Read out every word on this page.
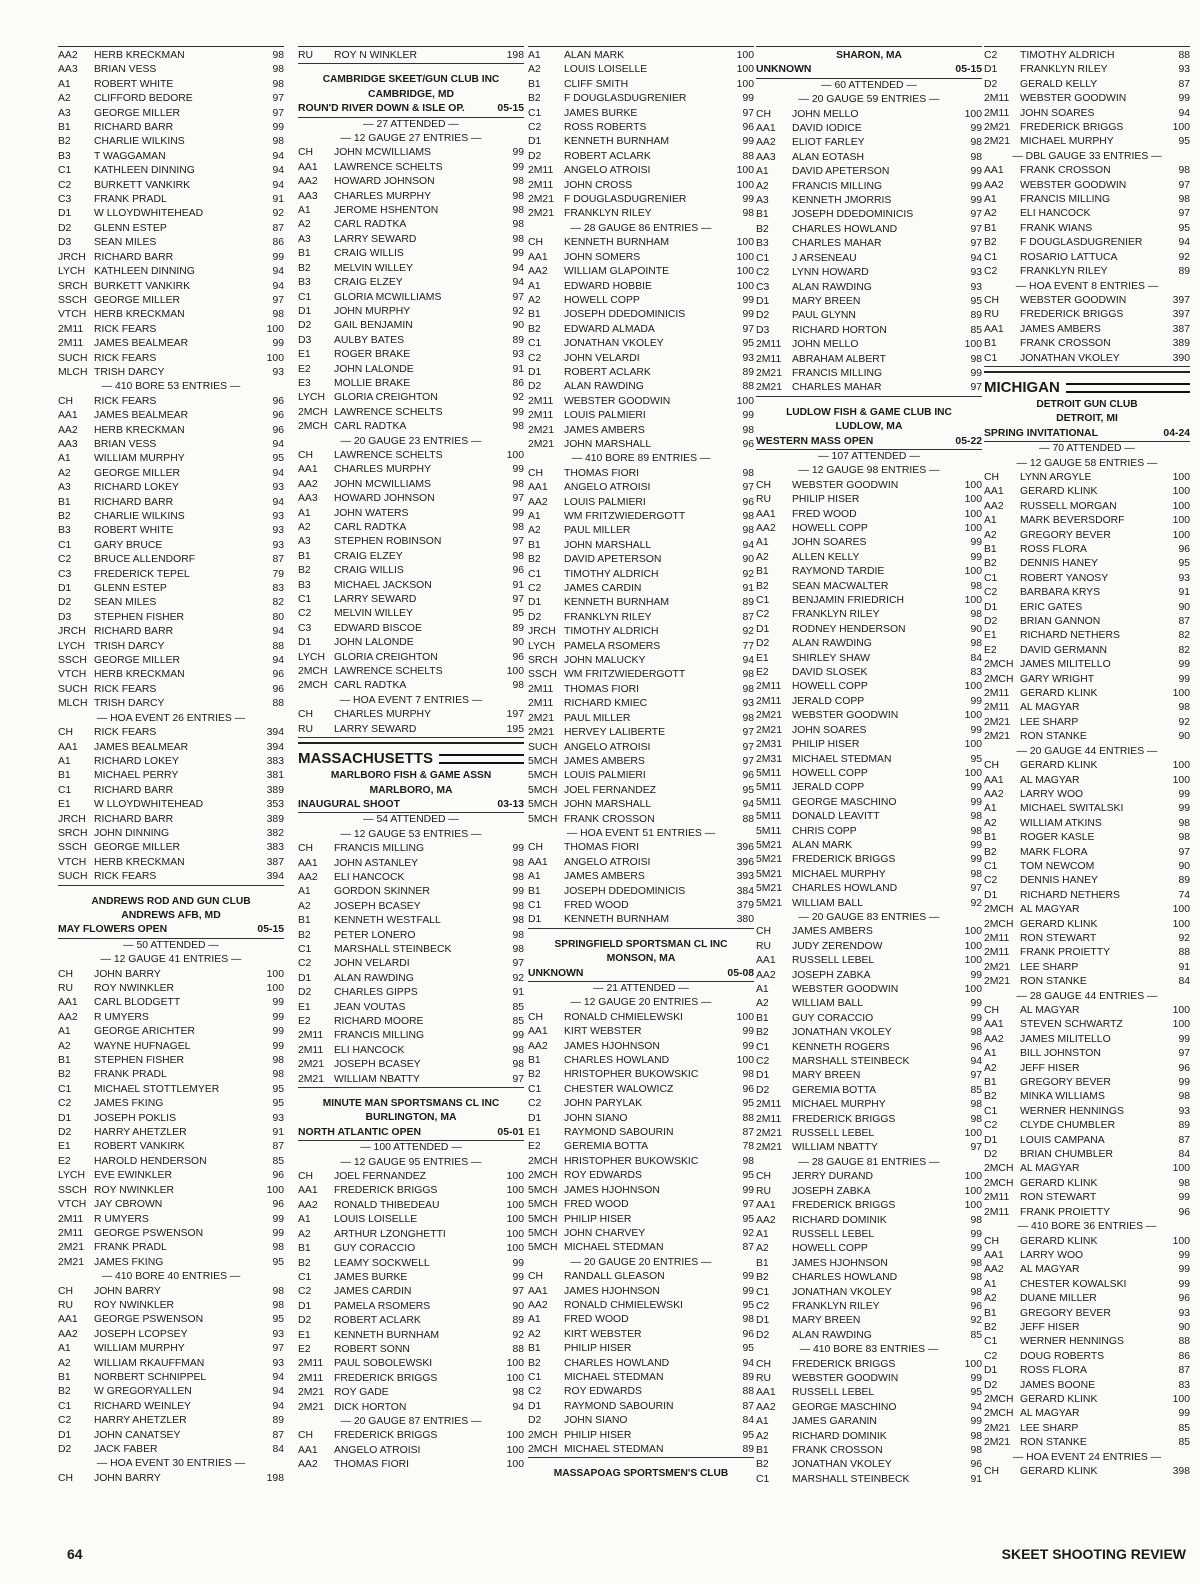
AA2	HERB KRECKMAN	98
AA3	BRIAN VESS	98
A1	ROBERT WHITE	98
A2	CLIFFORD BEDORE	97
A3	GEORGE MILLER	97
B1	RICHARD BARR	99
B2	CHARLIE WILKINS	98
B3	T WAGGAMAN	94
C1	KATHLEEN DINNING	94
C2	BURKETT VANKIRK	94
C3	FRANK PRADL	91
D1	W LLOYDWHITEHEAD	92
D2	GLENN ESTEP	87
D3	SEAN MILES	86
JRCH RICHARD BARR	99
LYCH KATHLEEN DINNING	94
SRCH BURKETT VANKIRK	94
SSCH GEORGE MILLER	97
VTCH HERB KRECKMAN	98
2M11	RICK FEARS	100
2M11	JAMES BEALMEAR	99
SUCH RICK FEARS	100
MLCH TRISH DARCY	93
— 410 BORE 53 ENTRIES —
CH	RICK FEARS	96
AA1	JAMES BEALMEAR	96
AA2	HERB KRECKMAN	96
AA3	BRIAN VESS	94
A1	WILLIAM MURPHY	95
A2	GEORGE MILLER	94
A3	RICHARD LOKEY	93
B1	RICHARD BARR	94
B2	CHARLIE WILKINS	93
B3	ROBERT WHITE	93
C1	GARY BRUCE	93
C2	BRUCE ALLENDORF	87
C3	FREDERICK TEPEL	79
D1	GLENN ESTEP	83
D2	SEAN MILES	82
D3	STEPHEN FISHER	80
JRCH RICHARD BARR	94
LYCH TRISH DARCY	88
SSCH GEORGE MILLER	94
VTCH HERB KRECKMAN	96
SUCH RICK FEARS	96
MLCH TRISH DARCY	88
— HOA EVENT 26 ENTRIES —
CH	RICK FEARS	394
AA1	JAMES BEALMEAR	394
A1	RICHARD LOKEY	383
B1	MICHAEL PERRY	381
C1	RICHARD BARR	389
E1	W LLOYDWHITEHEAD	353
JRCH RICHARD BARR	389
SRCH JOHN DINNING	382
SSCH GEORGE MILLER	383
VTCH HERB KRECKMAN	387
SUCH RICK FEARS	394
ANDREWS ROD AND GUN CLUB
ANDREWS AFB, MD
MAY FLOWERS OPEN	05-15
— 50 ATTENDED —
— 12 GAUGE 41 ENTRIES —
CH	JOHN BARRY	100
RU	ROY NWINKLER	100
AA1	CARL BLODGETT	99
AA2	R UMYERS	99
A1	GEORGE ARICHTER	99
A2	WAYNE HUFNAGEL	99
B1	STEPHEN FISHER	98
B2	FRANK PRADL	98
C1	MICHAEL STOTTLEMYER	95
C2	JAMES FKING	95
D1	JOSEPH POKLIS	93
D2	HARRY AHETZLER	91
E1	ROBERT VANKIRK	87
E2	HAROLD HENDERSON	85
LYCH EVE EWINKLER	96
SSCH ROY NWINKLER	100
VTCH JAY CBROWN	96
2M11	R UMYERS	99
2M11	GEORGE PSWENSON	99
2M21 FRANK PRADL	98
2M21 JAMES FKING	95
— 410 BORE 40 ENTRIES —
CH	JOHN BARRY	98
RU	ROY NWINKLER	98
AA1	GEORGE PSWENSON	95
AA2	JOSEPH LCOPSEY	93
A1	WILLIAM MURPHY	97
A2	WILLIAM RKAUFFMAN	93
B1	NORBERT SCHNIPPEL	94
B2	W GREGORYALLEN	94
C1	RICHARD WEINLEY	94
C2	HARRY AHETZLER	89
D1	JOHN CANATSEY	87
D2	JACK FABER	84
— HOA EVENT 30 ENTRIES —
CH	JOHN BARRY	198
RU	ROY N WINKLER	198
CAMBRIDGE SKEET/GUN CLUB INC
CAMBRIDGE, MD
ROUN'D RIVER DOWN & ISLE OP.	05-15
— 27 ATTENDED —
— 12 GAUGE 27 ENTRIES —
CH	JOHN MCWILLIAMS	99
AA1	LAWRENCE SCHELTS	99
AA2	HOWARD JOHNSON	98
AA3	CHARLES MURPHY	98
A1	JEROME HSHENTON	98
A2	CARL RADTKA	98
A3	LARRY SEWARD	98
B1	CRAIG WILLIS	99
B2	MELVIN WILLEY	94
B3	CRAIG ELZEY	94
C1	GLORIA MCWILLIAMS	97
D1	JOHN MURPHY	92
D2	GAIL BENJAMIN	90
D3	AULBY BATES	89
E1	ROGER BRAKE	93
E2	JOHN LALONDE	91
E3	MOLLIE BRAKE	86
LYCH GLORIA CREIGHTON	92
2MCH LAWRENCE SCHELTS	99
2MCH CARL RADTKA	98
— 20 GAUGE 23 ENTRIES —
CH	LAWRENCE SCHELTS	100
AA1	CHARLES MURPHY	99
AA2	JOHN MCWILLIAMS	98
AA3	HOWARD JOHNSON	97
A1	JOHN WATERS	99
A2	CARL RADTKA	98
A3	STEPHEN ROBINSON	97
B1	CRAIG ELZEY	98
B2	CRAIG WILLIS	96
B3	MICHAEL JACKSON	91
C1	LARRY SEWARD	97
C2	MELVIN WILLEY	95
C3	EDWARD BISCOE	89
D1	JOHN LALONDE	90
LYCH GLORIA CREIGHTON	96
2MCH LAWRENCE SCHELTS	100
2MCH CARL RADTKA	98
— HOA EVENT 7 ENTRIES —
CH	CHARLES MURPHY	197
RU	LARRY SEWARD	195
MASSACHUSETTS
MARLBORO FISH & GAME ASSN
MARLBORO, MA
INAUGURAL SHOOT	03-13
— 54 ATTENDED —
— 12 GAUGE 53 ENTRIES —
CH	FRANCIS MILLING	99
AA1	JOHN ASTANLEY	98
AA2	ELI HANCOCK	98
A1	GORDON SKINNER	99
A2	JOSEPH BCASEY	98
B1	KENNETH WESTFALL	98
B2	PETER LONERO	98
C1	MARSHALL STEINBECK	98
C2	JOHN VELARDI	97
D1	ALAN RAWDING	92
D2	CHARLES GIPPS	91
E1	JEAN VOUTAS	85
E2	RICHARD MOORE	85
2M11	FRANCIS MILLING	99
2M11	ELI HANCOCK	98
2M21 JOSEPH BCASEY	98
2M21 WILLIAM NBATTY	97
MINUTE MAN SPORTSMANS CL INC
BURLINGTON, MA
NORTH ATLANTIC OPEN	05-01
— 100 ATTENDED —
— 12 GAUGE 95 ENTRIES —
CH	JOEL FERNANDEZ	100
AA1	FREDERICK BRIGGS	100
AA2	RONALD THIBEDEAU	100
A1	LOUIS LOISELLE	100
A2	ARTHUR LZONGHETTI	100
B1	GUY CORACCIO	100
B2	LEAMY SOCKWELL	99
C1	JAMES BURKE	99
C2	JAMES CARDIN	97
D1	PAMELA RSOMERS	90
D2	ROBERT ACLARK	89
E1	KENNETH BURNHAM	92
E2	ROBERT SONN	88
2M11	PAUL SOBOLEWSKI	100
2M11	FREDERICK BRIGGS	100
2M21 ROY GADE	98
2M21 DICK HORTON	94
— 20 GAUGE 87 ENTRIES —
CH	FREDERICK BRIGGS	100
AA1	ANGELO ATROISI	100
AA2	THOMAS FIORI	100
A1	ALAN MARK	100
A2	LOUIS LOISELLE	100
B1	CLIFF SMITH	100
B2	F DOUGLASDUGRENIER	99
C1	JAMES BURKE	97
C2	ROSS ROBERTS	96
D1	KENNETH BURNHAM	99
D2	ROBERT ACLARK	88
2M11	ANGELO ATROISI	100
2M11	JOHN CROSS	100
2M21 F DOUGLASDUGRENIER	99
2M21 FRANKLYN RILEY	98
— 28 GAUGE 86 ENTRIES —
CH	KENNETH BURNHAM	100
AA1	JOHN SOMERS	100
AA2	WILLIAM GLAPOINTE	100
A1	EDWARD HOBBIE	100
A2	HOWELL COPP	99
B1	JOSEPH DDEDOMINICIS	99
B2	EDWARD ALMADA	97
C1	JONATHAN VKOLEY	95
C2	JOHN VELARDI	93
D1	ROBERT ACLARK	89
D2	ALAN RAWDING	88
2M11	WEBSTER GOODWIN	100
2M11	LOUIS PALMIERI	99
2M21 JAMES AMBERS	98
2M21 JOHN MARSHALL	96
— 410 BORE 89 ENTRIES —
CH	THOMAS FIORI	98
AA1	ANGELO ATROISI	97
AA2	LOUIS PALMIERI	96
A1	WM FRITZWIEDERGOTT	98
A2	PAUL MILLER	98
B1	JOHN MARSHALL	94
B2	DAVID APETERSON	90
C1	TIMOTHY ALDRICH	92
C2	JAMES CARDIN	91
D1	KENNETH BURNHAM	89
D2	FRANKLYN RILEY	87
JRCH TIMOTHY ALDRICH	92
LYCH PAMELA RSOMERS	77
SRCH JOHN MALUCKY	94
SSCH WM FRITZWIEDERGOTT	98
2M11	THOMAS FIORI	98
2M11	RICHARD KMIEC	93
2M21 PAUL MILLER	98
2M21 HERVEY LALIBERTE	97
SUCH ANGELO ATROISI	97
5MCH JAMES AMBERS	97
5MCH LOUIS PALMIERI	96
5MCH JOEL FERNANDEZ	95
5MCH JOHN MARSHALL	94
5MCH FRANK CROSSON	88
— HOA EVENT 51 ENTRIES —
CH	THOMAS FIORI	396
AA1	ANGELO ATROISI	396
A1	JAMES AMBERS	393
B1	JOSEPH DDEDOMINICIS	384
C1	FRED WOOD	379
D1	KENNETH BURNHAM	380
SPRINGFIELD SPORTSMAN CL INC
MONSON, MA
UNKNOWN	05-08
— 21 ATTENDED —
— 12 GAUGE 20 ENTRIES —
CH	RONALD CHMIELEWSKI	100
AA1	KIRT WEBSTER	99
AA2	JAMES HJOHNSON	99
B1	CHARLES HOWLAND	100
B2	HRISTOPHER BUKOWSKIC	98
C1	CHESTER WALOWICZ	96
C2	JOHN PARYLAK	95
D1	JOHN SIANO	88
E1	RAYMOND SABOURIN	87
E2	GEREMIA BOTTA	78
2MCH HRISTOPHER BUKOWSKIC	98
2MCH ROY EDWARDS	95
5MCH JAMES HJOHNSON	99
5MCH FRED WOOD	97
5MCH PHILIP HISER	95
5MCH JOHN CHARVEY	92
5MCH MICHAEL STEDMAN	87
— 20 GAUGE 20 ENTRIES —
CH	RANDALL GLEASON	99
AA1	JAMES HJOHNSON	99
AA2	RONALD CHMIELEWSKI	95
A1	FRED WOOD	98
A2	KIRT WEBSTER	96
B1	PHILIP HISER	95
B2	CHARLES HOWLAND	94
C1	MICHAEL STEDMAN	89
C2	ROY EDWARDS	88
D1	RAYMOND SABOURIN	87
D2	JOHN SIANO	84
2MCH PHILIP HISER	95
2MCH MICHAEL STEDMAN	89
MASSAPOAG SPORTSMEN'S CLUB
SHARON, MA
UNKNOWN	05-15
— 60 ATTENDED —
— 20 GAUGE 59 ENTRIES —
CH	JOHN MELLO	100
AA1	DAVID IODICE	99
AA2	ELIOT FARLEY	98
AA3	ALAN EOTASH	98
A1	DAVID APETERSON	99
A2	FRANCIS MILLING	99
A3	KENNETH JMORRIS	99
B1	JOSEPH DDEDOMINICIS	97
B2	CHARLES HOWLAND	97
B3	CHARLES MAHAR	97
C1	J ARSENEAU	94
C2	LYNN HOWARD	93
C3	ALAN RAWDING	93
D1	MARY BREEN	95
D2	PAUL GLYNN	89
D3	RICHARD HORTON	85
2M11	JOHN MELLO	100
2M11	ABRAHAM ALBERT	98
2M21 FRANCIS MILLING	99
2M21 CHARLES MAHAR	97
LUDLOW FISH & GAME CLUB INC
LUDLOW, MA
WESTERN MASS OPEN	05-22
— 107 ATTENDED —
— 12 GAUGE 98 ENTRIES —
CH	WEBSTER GOODWIN	100
RU	PHILIP HISER	100
AA1	FRED WOOD	100
AA2	HOWELL COPP	100
A1	JOHN SOARES	99
A2	ALLEN KELLY	99
B1	RAYMOND TARDIE	100
B2	SEAN MACWALTER	98
C1	BENJAMIN FRIEDRICH	100
C2	FRANKLYN RILEY	98
D1	RODNEY HENDERSON	90
D2	ALAN RAWDING	98
E1	SHIRLEY SHAW	84
E2	DAVID SLOSEK	83
2M11	HOWELL COPP	100
2M11	JERALD COPP	99
2M21 WEBSTER GOODWIN	100
2M21 JOHN SOARES	99
2M31 PHILIP HISER	100
2M31 MICHAEL STEDMAN	95
5M11	HOWELL COPP	100
5M11	JERALD COPP	99
5M11	GEORGE MASCHINO	99
5M11	DONALD LEAVITT	98
5M11	CHRIS COPP	98
5M21 ALAN MARK	99
5M21 FREDERICK BRIGGS	99
5M21 MICHAEL MURPHY	98
5M21 CHARLES HOWLAND	97
5M21 WILLIAM BALL	92
— 20 GAUGE 83 ENTRIES —
CH	JAMES AMBERS	100
RU	JUDY ZERENDOW	100
AA1	RUSSELL LEBEL	100
AA2	JOSEPH ZABKA	99
A1	WEBSTER GOODWIN	100
A2	WILLIAM BALL	99
B1	GUY CORACCIO	99
B2	JONATHAN VKOLEY	98
C1	KENNETH ROGERS	96
C2	MARSHALL STEINBECK	94
D1	MARY BREEN	97
D2	GEREMIA BOTTA	85
2M11	MICHAEL MURPHY	98
2M11	FREDERICK BRIGGS	98
2M21 RUSSELL LEBEL	100
2M21 WILLIAM NBATTY	97
— 28 GAUGE 81 ENTRIES —
CH	JERRY DURAND	100
RU	JOSEPH ZABKA	100
AA1	FREDERICK BRIGGS	100
AA2	RICHARD DOMINIK	98
A1	RUSSELL LEBEL	99
A2	HOWELL COPP	99
B1	JAMES HJOHNSON	98
B2	CHARLES HOWLAND	98
C1	JONATHAN VKOLEY	98
C2	FRANKLYN RILEY	96
D1	MARY BREEN	92
D2	ALAN RAWDING	85
— 410 BORE 83 ENTRIES —
CH	FREDERICK BRIGGS	100
RU	WEBSTER GOODWIN	99
AA1	RUSSELL LEBEL	95
AA2	GEORGE MASCHINO	94
A1	JAMES GARANIN	99
A2	RICHARD DOMINIK	98
B1	FRANK CROSSON	98
B2	JONATHAN VKOLEY	96
C1	MARSHALL STEINBECK	91
C2	TIMOTHY ALDRICH	88
D1	FRANKLYN RILEY	93
D2	GERALD KELLY	87
2M11	WEBSTER GOODWIN	99
2M11	JOHN SOARES	94
2M21 FREDERICK BRIGGS	100
2M21 MICHAEL MURPHY	95
— DBL GAUGE 33 ENTRIES —
AA1	FRANK CROSSON	98
AA2	WEBSTER GOODWIN	97
A1	FRANCIS MILLING	98
A2	ELI HANCOCK	97
B1	FRANK WIANS	95
B2	F DOUGLASDUGRENIER	94
C1	ROSARIO LATTUCA	92
C2	FRANKLYN RILEY	89
— HOA EVENT 8 ENTRIES —
CH	WEBSTER GOODWIN	397
RU	FREDERICK BRIGGS	397
AA1	JAMES AMBERS	387
B1	FRANK CROSSON	389
C1	JONATHAN VKOLEY	390
MICHIGAN
DETROIT GUN CLUB
DETROIT, MI
SPRING INVITATIONAL	04-24
— 70 ATTENDED —
— 12 GAUGE 58 ENTRIES —
CH	LYNN ARGYLE	100
AA1	GERARD KLINK	100
AA2	RUSSELL MORGAN	100
A1	MARK BEVERSDORF	100
A2	GREGORY BEVER	100
B1	ROSS FLORA	96
B2	DENNIS HANEY	95
C1	ROBERT YANOSY	93
C2	BARBARA KRYS	91
D1	ERIC GATES	90
D2	BRIAN GANNON	87
E1	RICHARD NETHERS	82
E2	DAVID GERMANN	82
2MCH JAMES MILITELLO	99
2MCH GARY WRIGHT	99
2M11	GERARD KLINK	100
2M11	AL MAGYAR	98
2M21 LEE SHARP	92
2M21 RON STANKE	90
— 20 GAUGE 44 ENTRIES —
CH	GERARD KLINK	100
AA1	AL MAGYAR	100
AA2	LARRY WOO	99
A1	MICHAEL SWITALSKI	99
A2	WILLIAM ATKINS	98
B1	ROGER KASLE	98
B2	MARK FLORA	97
C1	TOM NEWCOM	90
C2	DENNIS HANEY	89
D1	RICHARD NETHERS	74
2MCH AL MAGYAR	100
2MCH GERARD KLINK	100
2M11	RON STEWART	92
2M11	FRANK PROIETTY	88
2M21 LEE SHARP	91
2M21 RON STANKE	84
— 28 GAUGE 44 ENTRIES —
CH	AL MAGYAR	100
AA1	STEVEN SCHWARTZ	100
AA2	JAMES MILITELLO	99
A1	BILL JOHNSTON	97
A2	JEFF HISER	96
B1	GREGORY BEVER	99
B2	MINKA WILLIAMS	98
C1	WERNER HENNINGS	93
C2	CLYDE CHUMBLER	89
D1	LOUIS CAMPANA	87
D2	BRIAN CHUMBLER	84
2MCH AL MAGYAR	100
2MCH GERARD KLINK	98
2M11	RON STEWART	99
2M11	FRANK PROIETTY	96
— 410 BORE 36 ENTRIES —
CH	GERARD KLINK	100
AA1	LARRY WOO	99
AA2	AL MAGYAR	99
A1	CHESTER KOWALSKI	99
A2	DUANE MILLER	96
B1	GREGORY BEVER	93
B2	JEFF HISER	90
C1	WERNER HENNINGS	88
C2	DOUG ROBERTS	86
D1	ROSS FLORA	87
D2	JAMES BOONE	83
2MCH GERARD KLINK	100
2MCH AL MAGYAR	99
2M21 LEE SHARP	85
2M21 RON STANKE	85
— HOA EVENT 24 ENTRIES —
CH	GERARD KLINK	398
64	SKEET SHOOTING REVIEW
